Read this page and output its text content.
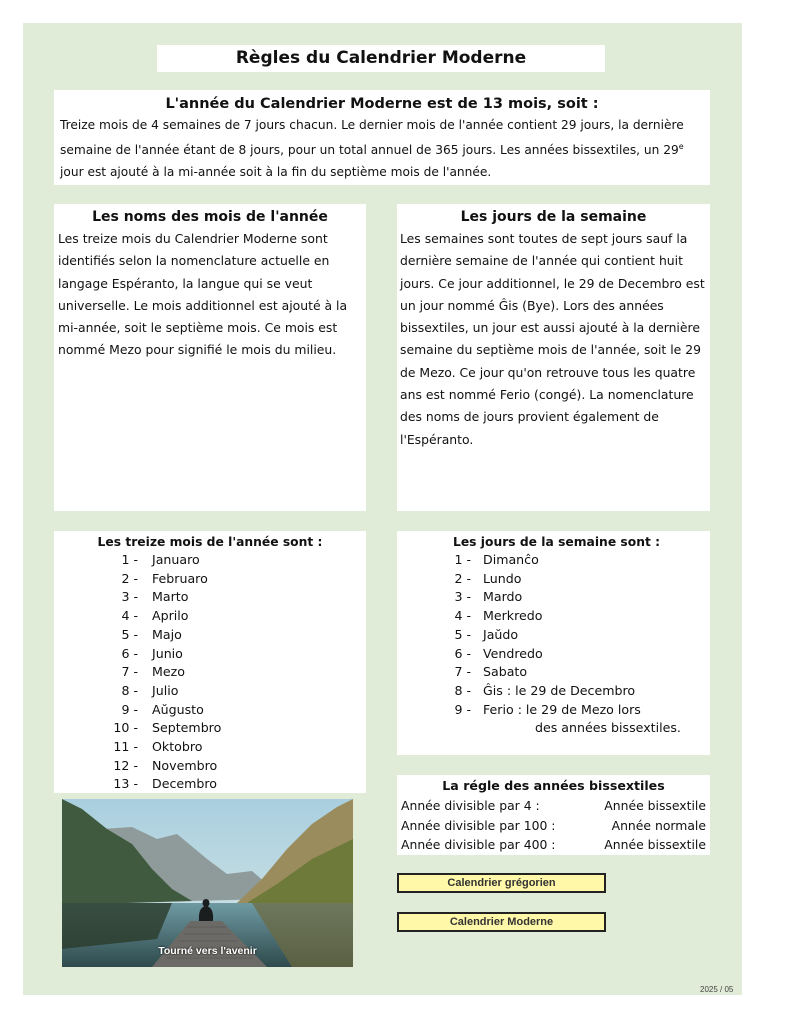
Règles du Calendrier Moderne
L'année du Calendrier Moderne est de 13 mois, soit :

Treize mois de 4 semaines de 7 jours chacun. Le dernier mois de l'année contient 29 jours, la dernière semaine de l'année étant de 8 jours, pour un total annuel de 365 jours. Les années bissextiles, un 29e jour est ajouté à la mi-année soit à la fin du septième mois de l'année.

Les noms des mois de l'année

Les treize mois du Calendrier Moderne sont identifiés selon la nomenclature actuelle en langage Espéranto, la langue qui se veut universelle. Le mois additionnel est ajouté à la mi-année, soit le septième mois. Ce mois est nommé Mezo pour signifié le mois du milieu.

Les jours de la semaine

Les semaines sont toutes de sept jours sauf la dernière semaine de l'année qui contient huit jours. Ce jour additionnel, le 29 de Decembro est un jour nommé Ĝis (Bye). Lors des années bissextiles, un jour est aussi ajouté à la dernière semaine du septième mois de l'année, soit le 29 de Mezo. Ce jour qu'on retrouve tous les quatre ans est nommé Ferio (congé). La nomenclature des noms de jours provient également de l'Espéranto.

Les treize mois de l'année sont :
1 -	Januaro
2 -	Februaro
3 -	Marto
4 -	Aprilo
5 -	Majo
6 -	Junio
7 -	Mezo
8 -	Julio
9 -	Aŭgusto
10 -	Septembro
11 -	Oktobro
12 -	Novembro
13 -	Decembro
Les jours de la semaine sont :
1 - Dimanĉo
2 - Lundo
3 - Mardo
4 - Merkredo
5 - Jaŭdo
6 - Vendredo
7 - Sabato
8 - Ĝis : le 29 de Decembro
9 - Ferio : le 29 de Mezo lors
des années bissextiles.
La régle des années bissextiles
Année divisible par 4 :	Année bissextile
Année divisible par 100 :	Année normale
Année divisible par 400 :	Année bissextile
Calendrier grégorien
Calendrier Moderne
Tourné vers l'avenir
2025 / 05
